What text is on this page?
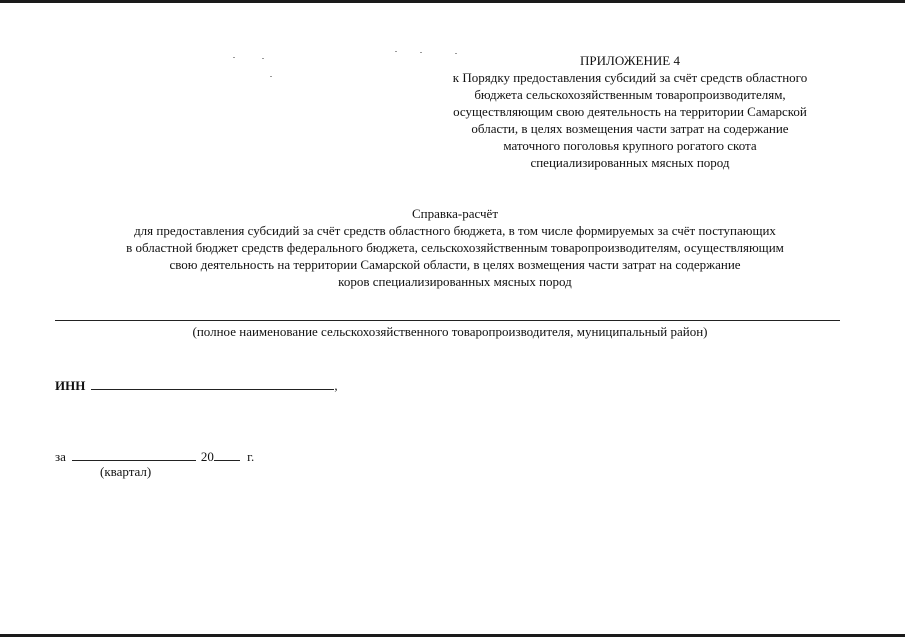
ПРИЛОЖЕНИЕ 4
к Порядку предоставления субсидий за счёт средств областного
бюджета сельскохозяйственным товаропроизводителям,
осуществляющим свою деятельность на территории Самарской
области, в целях возмещения части затрат на содержание
маточного поголовья крупного рогатого скота
специализированных мясных пород
Справка-расчёт
для предоставления субсидий за счёт средств областного бюджета, в том числе формируемых за счёт поступающих
в областной бюджет средств федерального бюджета, сельскохозяйственным товаропроизводителям, осуществляющим
свою деятельность на территории Самарской области, в целях возмещения части затрат на содержание
коров специализированных мясных пород
(полное наименование сельскохозяйственного товаропроизводителя, муниципальный район)
ИНН	,
за	20	г.
(квартал)
